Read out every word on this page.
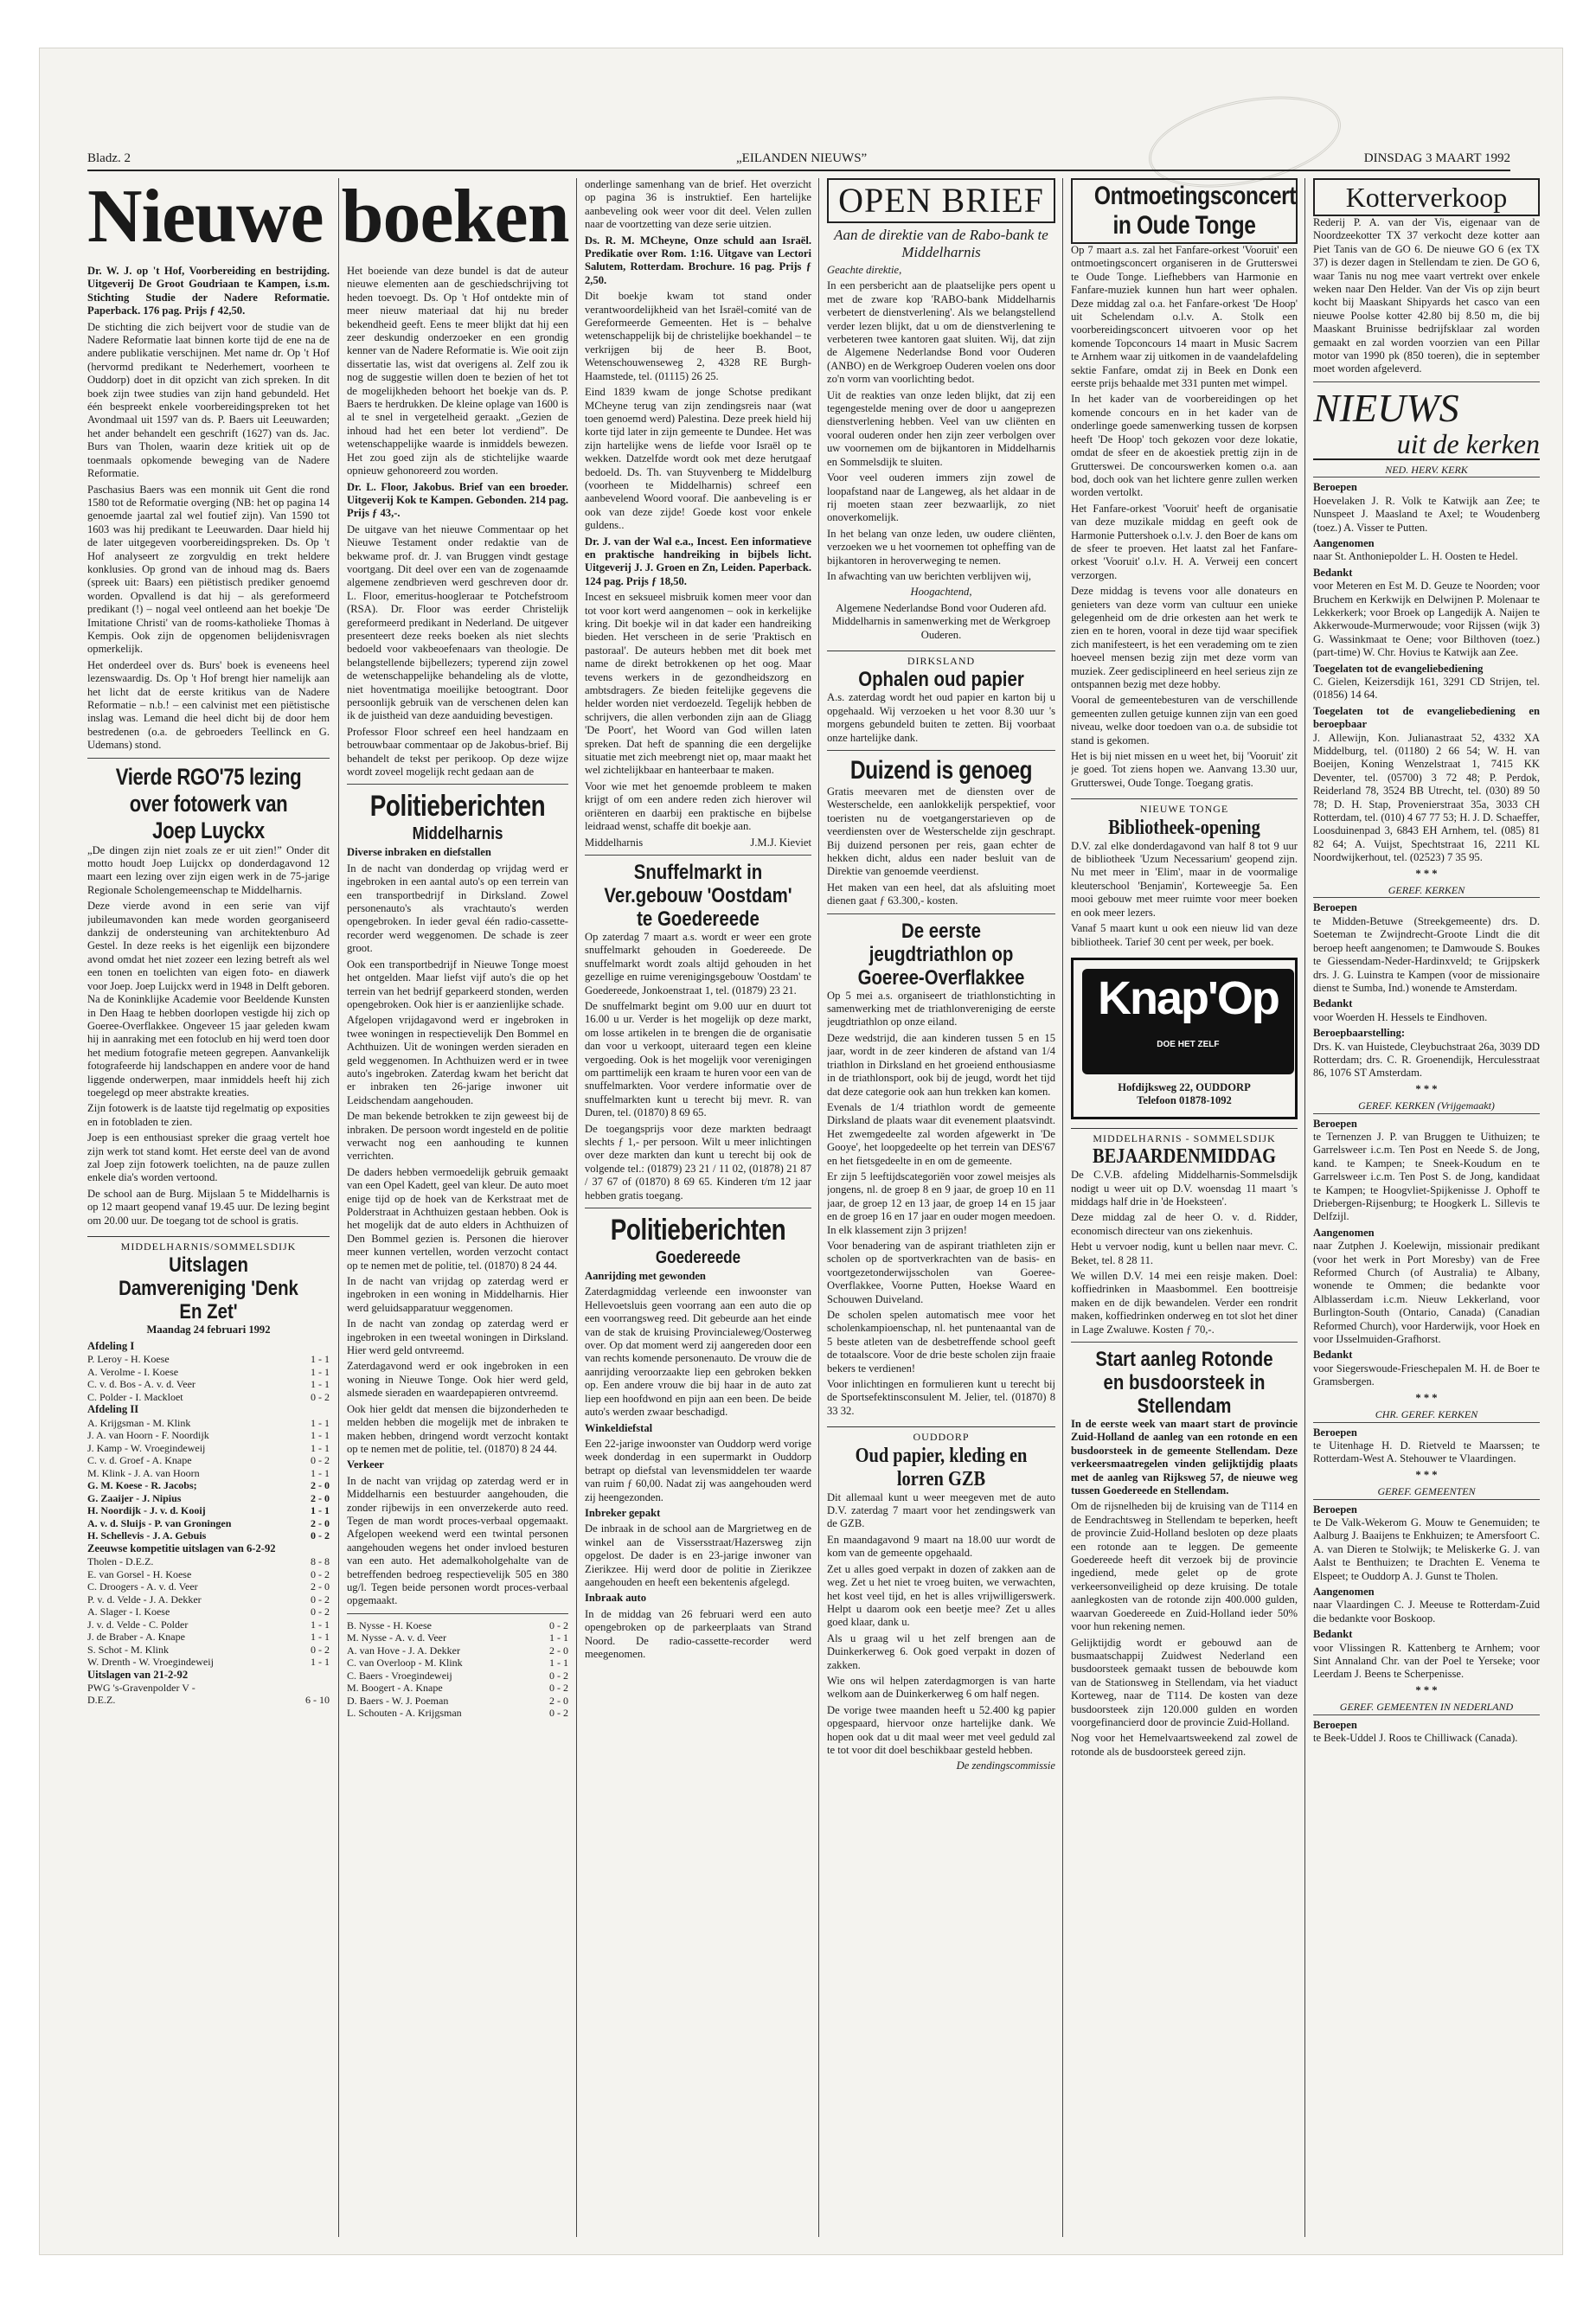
Bladz. 2	„EILANDEN NIEUWS”	DINSDAG 3 MAART 1992
Nieuwe boeken

Dr. W. J. op 't Hof, Voorbereiding en bestrijding. Uitgeverij De Groot Goudriaan te Kampen, i.s.m. Stichting Studie der Nadere Reformatie. Paperback. 176 pag. Prijs ƒ 42,50.

De stichting die zich beijvert voor de studie van de Nadere Reformatie laat binnen korte tijd de ene na de andere publikatie verschijnen. Met name dr. Op 't Hof (hervormd predikant te Nederhemert, voorheen te Ouddorp) doet in dit opzicht van zich spreken. In dit boek zijn twee studies van zijn hand gebundeld. Het één bespreekt enkele voorbereidingspreken tot het Avondmaal uit 1597 van ds. P. Baers uit Leeuwarden; het ander behandelt een geschrift (1627) van ds. Jac. Burs van Tholen, waarin deze kritiek uit op de toenmaals opkomende beweging van de Nadere Reformatie.

Paschasius Baers was een monnik uit Gent die rond 1580 tot de Reformatie overging (NB: het op pagina 14 genoemde jaartal zal wel foutief zijn). Van 1590 tot 1603 was hij predikant te Leeuwarden. Daar hield hij de later uitgegeven voorbereidingspreken. Ds. Op 't Hof analyseert ze zorgvuldig en trekt heldere konklusies. Op grond van de inhoud mag ds. Baers (spreek uit: Baars) een piëtistisch prediker genoemd worden. Opvallend is dat hij – als gereformeerd predikant (!) – nogal veel ontleend aan het boekje 'De Imitatione Christi' van de rooms-katholieke Thomas à Kempis. Ook zijn de opgenomen belijdenisvragen opmerkelijk.

Het onderdeel over ds. Burs' boek is eveneens heel lezenswaardig. Ds. Op 't Hof brengt hier namelijk aan het licht dat de eerste kritikus van de Nadere Reformatie – n.b.! – een calvinist met een piëtistische inslag was. Lemand die heel dicht bij de door hem bestredenen (o.a. de gebroeders Teellinck en G. Udemans) stond.

Vierde RGO'75 lezing over fotowerk van Joep Luyckx

„De dingen zijn niet zoals ze er uit zien!” Onder dit motto houdt Joep Luijckx op donderdagavond 12 maart een lezing over zijn eigen werk in de 75-jarige Regionale Scholengemeenschap te Middelharnis.

Deze vierde avond in een serie van vijf jubileumavonden kan mede worden georganiseerd dankzij de ondersteuning van architektenburo Ad Gestel. In deze reeks is het eigenlijk een bijzondere avond omdat het niet zozeer een lezing betreft als wel een tonen en toelichten van eigen foto- en diawerk voor Joep. Joep Luijckx werd in 1948 in Delft geboren. Na de Koninklijke Academie voor Beeldende Kunsten in Den Haag te hebben doorlopen vestigde hij zich op Goeree-Overflakkee. Ongeveer 15 jaar geleden kwam hij in aanraking met een fotoclub en hij werd toen door het medium fotografie meteen gegrepen. Aanvankelijk fotografeerde hij landschappen en andere voor de hand liggende onderwerpen, maar inmiddels heeft hij zich toegelegd op meer abstrakte kreaties.

Zijn fotowerk is de laatste tijd regelmatig op exposities en in fotobladen te zien.

Joep is een enthousiast spreker die graag vertelt hoe zijn werk tot stand komt. Het eerste deel van de avond zal Joep zijn fotowerk toelichten, na de pauze zullen enkele dia's worden vertoond.

De school aan de Burg. Mijslaan 5 te Middelharnis is op 12 maart geopend vanaf 19.45 uur. De lezing begint om 20.00 uur. De toegang tot de school is gratis.

MIDDELHARNIS/SOMMELSDIJK
Uitslagen Damvereniging 'Denk En Zet'

Maandag 24 februari 1992

Afdeling I
P. Leroy - H. Koese	1 - 1
A. Verolme - I. Koese	1 - 1
C. v. d. Bos - A. v. d. Veer	1 - 1
C. Polder - I. Mackloet	0 - 2
Afdeling II
A. Krijgsman - M. Klink	1 - 1
J. A. van Hoorn - F. Noordijk	1 - 1
J. Kamp - W. Vroegindeweij	1 - 1
C. v. d. Groef - A. Knape	0 - 2
M. Klink - J. A. van Hoorn	1 - 1
G. M. Koese - R. Jacobs;	2 - 0
G. Zaaijer - J. Nipius	2 - 0
H. Noordijk - J. v. d. Kooij	1 - 1
A. v. d. Sluijs - P. van Groningen	2 - 0
H. Schellevis - J. A. Gebuis	0 - 2
Zeeuwse kompetitie uitslagen van 6-2-92
Tholen - D.E.Z.	8 - 8
E. van Gorsel - H. Koese	0 - 2
C. Droogers - A. v. d. Veer	2 - 0
P. v. d. Velde - J. A. Dekker	0 - 2
A. Slager - I. Koese	0 - 2
J. v. d. Velde - C. Polder	1 - 1
J. de Braber - A. Knape	1 - 1
S. Schot - M. Klink	0 - 2
W. Drenth - W. Vroegindeweij	1 - 1
Uitslagen van 21-2-92
PWG 's-Gravenpolder V -	
D.E.Z.	6 - 10

Het boeiende van deze bundel is dat de auteur nieuwe elementen aan de geschiedschrijving tot heden toevoegt. Ds. Op 't Hof ontdekte min of meer nieuw materiaal dat hij nu breder bekendheid geeft. Eens te meer blijkt dat hij een zeer deskundig onderzoeker en een grondig kenner van de Nadere Reformatie is. Wie ooit zijn dissertatie las, wist dat overigens al. Zelf zou ik nog de suggestie willen doen te bezien of het tot de mogelijkheden behoort het boekje van ds. P. Baers te herdrukken. De kleine oplage van 1600 is al te snel in vergetelheid geraakt. „Gezien de inhoud had het een beter lot verdiend”. De wetenschappelijke waarde is inmiddels bewezen. Het zou goed zijn als de stichtelijke waarde opnieuw gehonoreerd zou worden.

Dr. L. Floor, Jakobus. Brief van een broeder. Uitgeverij Kok te Kampen. Gebonden. 214 pag. Prijs ƒ 43,-.

De uitgave van het nieuwe Commentaar op het Nieuwe Testament onder redaktie van de bekwame prof. dr. J. van Bruggen vindt gestage voortgang. Dit deel over een van de zogenaamde algemene zendbrieven werd geschreven door dr. L. Floor, emeritus-hoogleraar te Potchefstroom (RSA). Dr. Floor was eerder Christelijk gereformeerd predikant in Nederland. De uitgever presenteert deze reeks boeken als niet slechts bedoeld voor vakbeoefenaars van theologie. De belangstellende bijbellezers; typerend zijn zowel de wetenschappelijke behandeling als de vlotte, niet hoventmatiga moeilijke betoogtrant. Door persoonlijk gebruik van de verschenen delen kan ik de juistheid van deze aanduiding bevestigen.

Professor Floor schreef een heel handzaam en betrouwbaar commentaar op de Jakobus-brief. Bij behandelt de tekst per perikoop. Op deze wijze wordt zoveel mogelijk recht gedaan aan de

Politieberichten
Middelharnis

Diverse inbraken en diefstallen

In de nacht van donderdag op vrijdag werd er ingebroken in een aantal auto's op een terrein van een transportbedrijf in Dirksland. Zowel personenauto's als vrachtauto's werden opengebroken. In ieder geval één radio-cassette-recorder werd weggenomen. De schade is zeer groot.

Ook een transportbedrijf in Nieuwe Tonge moest het ontgelden. Maar liefst vijf auto's die op het terrein van het bedrijf geparkeerd stonden, werden opengebroken. Ook hier is er aanzienlijke schade.

Afgelopen vrijdagavond werd er ingebroken in twee woningen in respectievelijk Den Bommel en Achthuizen. Uit de woningen werden sieraden en geld weggenomen. In Achthuizen werd er in twee auto's ingebroken. Zaterdag kwam het bericht dat er inbraken ten 26-jarige inwoner uit Leidschendam aangehouden.

De man bekende betrokken te zijn geweest bij de inbraken. De persoon wordt ingesteld en de politie verwacht nog een aanhouding te kunnen verrichten.

De daders hebben vermoedelijk gebruik gemaakt van een Opel Kadett, geel van kleur. De auto moet enige tijd op de hoek van de Kerkstraat met de Polderstraat in Achthuizen gestaan hebben. Ook is het mogelijk dat de auto elders in Achthuizen of Den Bommel gezien is. Personen die hierover meer kunnen vertellen, worden verzocht contact op te nemen met de politie, tel. (01870) 8 24 44.

In de nacht van vrijdag op zaterdag werd er ingebroken in een woning in Middelharnis. Hier werd geluidsapparatuur weggenomen.

In de nacht van zondag op zaterdag werd er ingebroken in een tweetal woningen in Dirksland. Hier werd geld ontvreemd.

Zaterdagavond werd er ook ingebroken in een woning in Nieuwe Tonge. Ook hier werd geld, alsmede sieraden en waardepapieren ontvreemd.

Ook hier geldt dat mensen die bijzonderheden te melden hebben die mogelijk met de inbraken te maken hebben, dringend wordt verzocht kontakt op te nemen met de politie, tel. (01870) 8 24 44.

Verkeer

In de nacht van vrijdag op zaterdag werd er in Middelharnis een bestuurder aangehouden, die zonder rijbewijs in een onverzekerde auto reed. Tegen de man wordt proces-verbaal opgemaakt. Afgelopen weekend werd een twintal personen aangehouden wegens het onder invloed besturen van een auto. Het ademalkoholgehalte van de betreffenden bedroeg respectievelijk 505 en 380 ug/l. Tegen beide personen wordt proces-verbaal opgemaakt.

B. Nysse - H. Koese	0 - 2
M. Nysse - A. v. d. Veer	1 - 1
A. van Hove - J. A. Dekker	2 - 0
C. van Overloop - M. Klink	1 - 1
C. Baers - Vroegindeweij	0 - 2
M. Boogert - A. Knape	0 - 2
D. Baers - W. J. Poeman	2 - 0
L. Schouten - A. Krijgsman	0 - 2

onderlinge samenhang van de brief. Het overzicht op pagina 36 is instruktief. Een hartelijke aanbeveling ook weer voor dit deel. Velen zullen naar de voortzetting van deze serie uitzien.

Ds. R. M. MCheyne, Onze schuld aan Israël. Predikatie over Rom. 1:16. Uitgave van Lectori Salutem, Rotterdam. Brochure. 16 pag. Prijs ƒ 2,50.

Dit boekje kwam tot stand onder verantwoordelijkheid van het Israël-comité van de Gereformeerde Gemeenten. Het is – behalve wetenschappelijk bij de christelijke boekhandel – te verkrijgen bij de heer B. Boot, Wetenschouwenseweg 2, 4328 RE Burgh-Haamstede, tel. (01115) 26 25.

Eind 1839 kwam de jonge Schotse predikant MCheyne terug van zijn zendingsreis naar (wat toen genoemd werd) Palestina. Deze preek hield hij korte tijd later in zijn gemeente te Dundee. Het was zijn hartelijke wens de liefde voor Israël op te wekken. Datzelfde wordt ook met deze herutgaaf bedoeld. Ds. Th. van Stuyvenberg te Middelburg (voorheen te Middelharnis) schreef een aanbevelend Woord vooraf. Die aanbeveling is er ook van deze zijde! Goede kost voor enkele guldens..

Dr. J. van der Wal e.a., Incest. Een informatieve en praktische handreiking in bijbels licht. Uitgeverij J. J. Groen en Zn, Leiden. Paperback. 124 pag. Prijs ƒ 18,50.

Incest en seksueel misbruik komen meer voor dan tot voor kort werd aangenomen – ook in kerkelijke kring. Dit boekje wil in dat kader een handreiking bieden. Het verscheen in de serie 'Praktisch en pastoraal'. De auteurs hebben met dit boek met name de direkt betrokkenen op het oog. Maar tevens werkers in de gezondheidszorg en ambtsdragers. Ze bieden feitelijke gegevens die helder worden niet verdoezeld. Tegelijk hebben de schrijvers, die allen verbonden zijn aan de Gliagg 'De Poort', het Woord van God willen laten spreken. Dat heft de spanning die een dergelijke situatie met zich meebrengt niet op, maar maakt het wel zichtelijkbaar en hanteerbaar te maken.

Voor wie met het genoemde probleem te maken krijgt of om een andere reden zich hierover wil oriënteren en daarbij een praktische en bijbelse leidraad wenst, schaffe dit boekje aan.

Middelharnis	J.M.J. Kieviet
Snuffelmarkt in Ver.gebouw 'Oostdam' te Goedereede

Op zaterdag 7 maart a.s. wordt er weer een grote snuffelmarkt gehouden in Goedereede. De snuffelmarkt wordt zoals altijd gehouden in het gezellige en ruime verenigingsgebouw 'Oostdam' te Goedereede, Jonkoenstraat 1, tel. (01879) 23 21.

De snuffelmarkt begint om 9.00 uur en duurt tot 16.00 u ur. Verder is het mogelijk op deze markt, om losse artikelen in te brengen die de organisatie dan voor u verkoopt, uiteraard tegen een kleine vergoeding. Ook is het mogelijk voor verenigingen om parttimelijk een kraam te huren voor een van de snuffelmarkten. Voor verdere informatie over de snuffelmarkten kunt u terecht bij mevr. R. van Duren, tel. (01870) 8 69 65.

De toegangsprijs voor deze markten bedraagt slechts ƒ 1,- per persoon. Wilt u meer inlichtingen over deze markten dan kunt u terecht bij ook de volgende tel.: (01879) 23 21 / 11 02, (01878) 21 87 / 37 67 of (01870) 8 69 65. Kinderen t/m 12 jaar hebben gratis toegang.

Politieberichten
Goedereede

Aanrijding met gewonden

Zaterdagmiddag verleende een inwoonster van Hellevoetsluis geen voorrang aan een auto die op een voorrangsweg reed. Dit gebeurde aan het einde van de stak de kruising Provincialeweg/Oosterweg over. Op dat moment werd zij aangereden door een van rechts komende personenauto. De vrouw die de aanrijding veroorzaakte liep een gebroken bekken op. Een andere vrouw die bij haar in de auto zat liep een hoofdwond en pijn aan een been. De beide auto's werden zwaar beschadigd.

Winkeldiefstal

Een 22-jarige inwoonster van Ouddorp werd vorige week donderdag in een supermarkt in Ouddorp betrapt op diefstal van levensmiddelen ter waarde van ruim ƒ 60,00. Nadat zij was aangehouden werd zij heengezonden.

Inbreker gepakt

De inbraak in de school aan de Margrietweg en de winkel aan de Vissersstraat/Hazersweg zijn opgelost. De dader is en 23-jarige inwoner van Zierikzee. Hij werd door de politie in Zierikzee aangehouden en heeft een bekentenis afgelegd.

Inbraak auto

In de middag van 26 februari werd een auto opengebroken op de parkeerplaats van Strand Noord. De radio-cassette-recorder werd meegenomen.

OPEN BRIEF

Aan de direktie van de Rabo-bank te Middelharnis

Geachte direktie,

In een persbericht aan de plaatselijke pers opent u met de zware kop 'RABO-bank Middelharnis verbetert de dienstverlening'. Als we belangstellend verder lezen blijkt, dat u om de dienstverlening te verbeteren twee kantoren gaat sluiten. Wij, dat zijn de Algemene Nederlandse Bond voor Ouderen (ANBO) en de Werkgroep Ouderen voelen ons door zo'n vorm van voorlichting bedot.

Uit de reakties van onze leden blijkt, dat zij een tegengestelde mening over de door u aangeprezen dienstverlening hebben. Veel van uw cliënten en vooral ouderen onder hen zijn zeer verbolgen over uw voornemen om de bijkantoren in Middelharnis en Sommelsdijk te sluiten.

Voor veel ouderen immers zijn zowel de loopafstand naar de Langeweg, als het aldaar in de rij moeten staan zeer bezwaarlijk, zo niet onoverkomelijk.

In het belang van onze leden, uw oudere cliënten, verzoeken we u het voornemen tot opheffing van de bijkantoren in heroverweging te nemen.

In afwachting van uw berichten verblijven wij,

Hoogachtend,

Algemene Nederlandse Bond voor Ouderen afd. Middelharnis in samenwerking met de Werkgroep Ouderen.

DIRKSLAND
Ophalen oud papier

A.s. zaterdag wordt het oud papier en karton bij u opgehaald. Wij verzoeken u het voor 8.30 uur 's morgens gebundeld buiten te zetten. Bij voorbaat onze hartelijke dank.

Duizend is genoeg

Gratis meevaren met de diensten over de Westerschelde, een aanlokkelijk perspektief, voor toeristen nu de voetgangerstarieven op de veerdiensten over de Westerschelde zijn geschrapt. Bij duizend personen per reis, gaan echter de hekken dicht, aldus een nader besluit van de Direktie van genoemde veerdienst.

Het maken van een heel, dat als afsluiting moet dienen gaat ƒ 63.300,- kosten.

De eerste jeugdtriathlon op Goeree-Overflakkee

Op 5 mei a.s. organiseert de triathlonstichting in samenwerking met de triathlonvereniging de eerste jeugdtriathlon op onze eiland.

Deze wedstrijd, die aan kinderen tussen 5 en 15 jaar, wordt in de zeer kinderen de afstand van 1/4 triathlon in Dirksland en het groeiend enthousiasme in de triathlonsport, ook bij de jeugd, wordt het tijd dat deze categorie ook aan hun trekken kan komen.

Evenals de 1/4 triathlon wordt de gemeente Dirksland de plaats waar dit evenement plaatsvindt. Het zwemgedeelte zal worden afgewerkt in 'De Gooye', het loopgedeelte op het terrein van DES'67 en het fietsgedeelte in en om de gemeente.

Er zijn 5 leeftijdscategoriën voor zowel meisjes als jongens, nl. de groep 8 en 9 jaar, de groep 10 en 11 jaar, de groep 12 en 13 jaar, de groep 14 en 15 jaar en de groep 16 en 17 jaar en ouder mogen meedoen. In elk klassement zijn 3 prijzen!

Voor benadering van de aspirant triathleten zijn er scholen op de sportverkrachten van de basis- en voortgezetonderwijsscholen van Goeree-Overflakkee, Voorne Putten, Hoekse Waard en Schouwen Duiveland.

De scholen spelen automatisch mee voor het scholenkampioenschap, nl. het puntenaantal van de 5 beste atleten van de desbetreffende school geeft de totaalscore. Voor de drie beste scholen zijn fraaie bekers te verdienen!

Voor inlichtingen en formulieren kunt u terecht bij de Sportsefektinsconsulent M. Jelier, tel. (01870) 8 33 32.

OUDDORP
Oud papier, kleding en lorren GZB

Dit allemaal kunt u weer meegeven met de auto D.V. zaterdag 7 maart voor het zendingswerk van de GZB.

En maandagavond 9 maart na 18.00 uur wordt de kom van de gemeente opgehaald.

Zet u alles goed verpakt in dozen of zakken aan de weg. Zet u het niet te vroeg buiten, we verwachten, het kost veel tijd, en het is alles vrijwilligerswerk. Helpt u daarom ook een beetje mee? Zet u alles goed klaar, dank u.

Als u graag wil u het zelf brengen aan de Duinkerkerweg 6. Ook goed verpakt in dozen of zakken.

Wie ons wil helpen zaterdagmorgen is van harte welkom aan de Duinkerkerweg 6 om half negen.

De vorige twee maanden heeft u 52.400 kg papier opgespaard, hiervoor onze hartelijke dank. We hopen ook dat u dit maal weer met veel geduld zal te tot voor dit doel beschikbaar gesteld hebben.

De zendingscommissie

Ontmoetingsconcert in Oude Tonge

Op 7 maart a.s. zal het Fanfare-orkest 'Vooruit' een ontmoetingsconcert organiseren in de Grutterswei te Oude Tonge. Liefhebbers van Harmonie en Fanfare-muziek kunnen hun hart weer ophalen. Deze middag zal o.a. het Fanfare-orkest 'De Hoop' uit Schelendam o.l.v. A. Stolk een voorbereidingsconcert uitvoeren voor op het komende Topconcours 14 maart in Music Sacrem te Arnhem waar zij uitkomen in de vaandelafdeling sektie Fanfare, omdat zij in Beek en Donk een eerste prijs behaalde met 331 punten met wimpel.

In het kader van de voorbereidingen op het komende concours en in het kader van de onderlinge goede samenwerking tussen de korpsen heeft 'De Hoop' toch gekozen voor deze lokatie, omdat de sfeer en de akoestiek prettig zijn in de Grutterswei. De concourswerken komen o.a. aan bod, doch ook van het lichtere genre zullen werken worden vertolkt.

Het Fanfare-orkest 'Vooruit' heeft de organisatie van deze muzikale middag en geeft ook de Harmonie Puttershoek o.l.v. J. den Boer de kans om de sfeer te proeven. Het laatst zal het Fanfare-orkest 'Vooruit' o.l.v. H. A. Verweij een concert verzorgen.

Deze middag is tevens voor alle donateurs en genieters van deze vorm van cultuur een unieke gelegenheid om de drie orkesten aan het werk te zien en te horen, vooral in deze tijd waar specifiek zich manifesteert, is het een verademing om te zien hoeveel mensen bezig zijn met deze vorm van muziek. Zeer gedisciplineerd en heel serieus zijn ze ontspannen bezig met deze hobby.

Vooral de gemeentebesturen van de verschillende gemeenten zullen getuige kunnen zijn van een goed niveau, welke door toedoen van o.a. de subsidie tot stand is gekomen.

Het is bij niet missen en u weet het, bij 'Vooruit' zit je goed. Tot ziens hopen we. Aanvang 13.30 uur, Grutterswei, Oude Tonge. Toegang gratis.

NIEUWE TONGE
Bibliotheek-opening

D.V. zal elke donderdagavond van half 8 tot 9 uur de bibliotheek 'Uzum Necessarium' geopend zijn. Nu met meer in 'Elim', maar in de voormalige kleuterschool 'Benjamin', Korteweegje 5a. Een mooi gebouw met meer ruimte voor meer boeken en ook meer lezers.

Vanaf 5 maart kunt u ook een nieuw lid van deze bibliotheek. Tarief 30 cent per week, per boek.

Knap'Op
DOE HET ZELF
Hofdijksweg 22, OUDDORP
Telefoon 01878-1092
MIDDELHARNIS - SOMMELSDIJK
BEJAARDENMIDDAG

De C.V.B. afdeling Middelharnis-Sommelsdijk nodigt u weer uit op D.V. woensdag 11 maart 's middags half drie in 'de Hoeksteen'.

Deze middag zal de heer O. v. d. Ridder, economisch directeur van ons ziekenhuis.

Hebt u vervoer nodig, kunt u bellen naar mevr. C. Beket, tel. 8 28 11.

We willen D.V. 14 mei een reisje maken. Doel: koffiedrinken in Maasbommel. Een boottreisje maken en de dijk bewandelen. Verder een rondrit maken, koffiedrinken onderweg en tot slot het diner in Lage Zwaluwe. Kosten ƒ 70,-.

Start aanleg Rotonde en busdoorsteek in Stellendam

In de eerste week van maart start de provincie Zuid-Holland de aanleg van een rotonde en een busdoorsteek in de gemeente Stellendam. Deze verkeersmaatregelen vinden gelijktijdig plaats met de aanleg van Rijksweg 57, de nieuwe weg tussen Goedereede en Stellendam.

Om de rijsnelheden bij de kruising van de T114 en de Eendrachtsweg in Stellendam te beperken, heeft de provincie Zuid-Holland besloten op deze plaats een rotonde aan te leggen. De gemeente Goedereede heeft dit verzoek bij de provincie ingediend, mede gelet op de grote verkeersonveiligheid op deze kruising. De totale aanlegkosten van de rotonde zijn 400.000 gulden, waarvan Goedereede en Zuid-Holland ieder 50% voor hun rekening nemen.

Gelijktijdig wordt er gebouwd aan de busmaatschappij Zuidwest Nederland een busdoorsteek gemaakt tussen de bebouwde kom van de Stationsweg in Stellendam, via het viaduct Korteweg, naar de T114. De kosten van deze busdoorsteek zijn 120.000 gulden en worden voorgefinancierd door de provincie Zuid-Holland.

Nog voor het Hemelvaartsweekend zal zowel de rotonde als de busdoorsteek gereed zijn.

Kotterverkoop

Rederij P. A. van der Vis, eigenaar van de Noordzeekotter TX 37 verkocht deze kotter aan Piet Tanis van de GO 6. De nieuwe GO 6 (ex TX 37) is dezer dagen in Stellendam te zien. De GO 6, waar Tanis nu nog mee vaart vertrekt over enkele weken naar Den Helder. Van der Vis op zijn beurt kocht bij Maaskant Shipyards het casco van een nieuwe Poolse kotter 42.80 bij 8.50 m, die bij Maaskant Bruinisse bedrijfsklaar zal worden gemaakt en zal worden voorzien van een Pillar motor van 1990 pk (850 toeren), die in september moet worden afgeleverd.

NIEUWS
uit de kerken
NED. HERV. KERK
Beroepen

Hoevelaken J. R. Volk te Katwijk aan Zee; te Nunspeet J. Maasland te Axel; te Woudenberg (toez.) A. Visser te Putten.

Aangenomen

naar St. Anthoniepolder L. H. Oosten te Hedel.

Bedankt

voor Meteren en Est M. D. Geuze te Noorden; voor Bruchem en Kerkwijk en Delwijnen P. Molenaar te Lekkerkerk; voor Broek op Langedijk A. Naijen te Akkerwoude-Murmerwoude; voor Rijssen (wijk 3) G. Wassinkmaat te Oene; voor Bilthoven (toez.) (part-time) W. Chr. Hovius te Katwijk aan Zee.

Toegelaten tot de evangeliebediening

C. Gielen, Keizersdijk 161, 3291 CD Strijen, tel. (01856) 14 64.

Toegelaten tot de evangeliebediening en beroepbaar

J. Allewijn, Kon. Julianastraat 52, 4332 XA Middelburg, tel. (01180) 2 66 54; W. H. van Boeijen, Koning Wenzelstraat 1, 7415 KK Deventer, tel. (05700) 3 72 48; P. Perdok, Reiderland 78, 3524 BB Utrecht, tel. (030) 89 50 78; D. H. Stap, Provenierstraat 35a, 3033 CH Rotterdam, tel. (010) 4 67 77 53; H. J. D. Schaeffer, Loosduinenpad 3, 6843 EH Arnhem, tel. (085) 81 82 64; A. Vuijst, Spechtstraat 16, 2211 KL Noordwijkerhout, tel. (02523) 7 35 95.

* * *
GEREF. KERKEN
Beroepen

te Midden-Betuwe (Streekgemeente) drs. D. Soeteman te Zwijndrecht-Groote Lindt die dit beroep heeft aangenomen; te Damwoude S. Boukes te Giessendam-Neder-Hardinxveld; te Grijpskerk drs. J. G. Luinstra te Kampen (voor de missionaire dienst te Sumba, Ind.) wonende te Amsterdam.

Bedankt

voor Woerden H. Hessels te Eindhoven.

Beroepbaarstelling:

Drs. K. van Huistede, Cleybuchstraat 26a, 3039 DD Rotterdam; drs. C. R. Groenendijk, Herculesstraat 86, 1076 ST Amsterdam.

* * *
GEREF. KERKEN (Vrijgemaakt)
Beroepen

te Ternenzen J. P. van Bruggen te Uithuizen; te Garrelsweer i.c.m. Ten Post en Neede S. de Jong, kand. te Kampen; te Sneek-Koudum en te Garrelsweer i.c.m. Ten Post S. de Jong, kandidaat te Kampen; te Hoogvliet-Spijkenisse J. Ophoff te Driebergen-Rijsenburg; te Hoogkerk L. Sillevis te Delfzijl.

Aangenomen

naar Zutphen J. Koelewijn, missionair predikant (voor het werk in Port Moresby) van de Free Reformed Church (of Australia) te Albany, wonende te Ommen; die bedankte voor Alblasserdam i.c.m. Nieuw Lekkerland, voor Burlington-South (Ontario, Canada) (Canadian Reformed Church), voor Harderwijk, voor Hoek en voor IJsselmuiden-Grafhorst.

Bedankt

voor Siegerswoude-Frieschepalen M. H. de Boer te Gramsbergen.

* * *
CHR. GEREF. KERKEN
Beroepen

te Uitenhage H. D. Rietveld te Maarssen; te Rotterdam-West A. Stehouwer te Vlaardingen.

* * *
GEREF. GEMEENTEN
Beroepen

te De Valk-Wekerom G. Mouw te Genemuiden; te Aalburg J. Baaijens te Enkhuizen; te Amersfoort C. A. van Dieren te Stolwijk; te Meliskerke G. J. van Aalst te Benthuizen; te Drachten E. Venema te Elspeet; te Ouddorp A. J. Gunst te Tholen.

Aangenomen

naar Vlaardingen C. J. Meeuse te Rotterdam-Zuid die bedankte voor Boskoop.

Bedankt

voor Vlissingen R. Kattenberg te Arnhem; voor Sint Annaland Chr. van der Poel te Yerseke; voor Leerdam J. Beens te Scherpenisse.

* * *
GEREF. GEMEENTEN IN NEDERLAND
Beroepen

te Beek-Uddel J. Roos te Chilliwack (Canada).
